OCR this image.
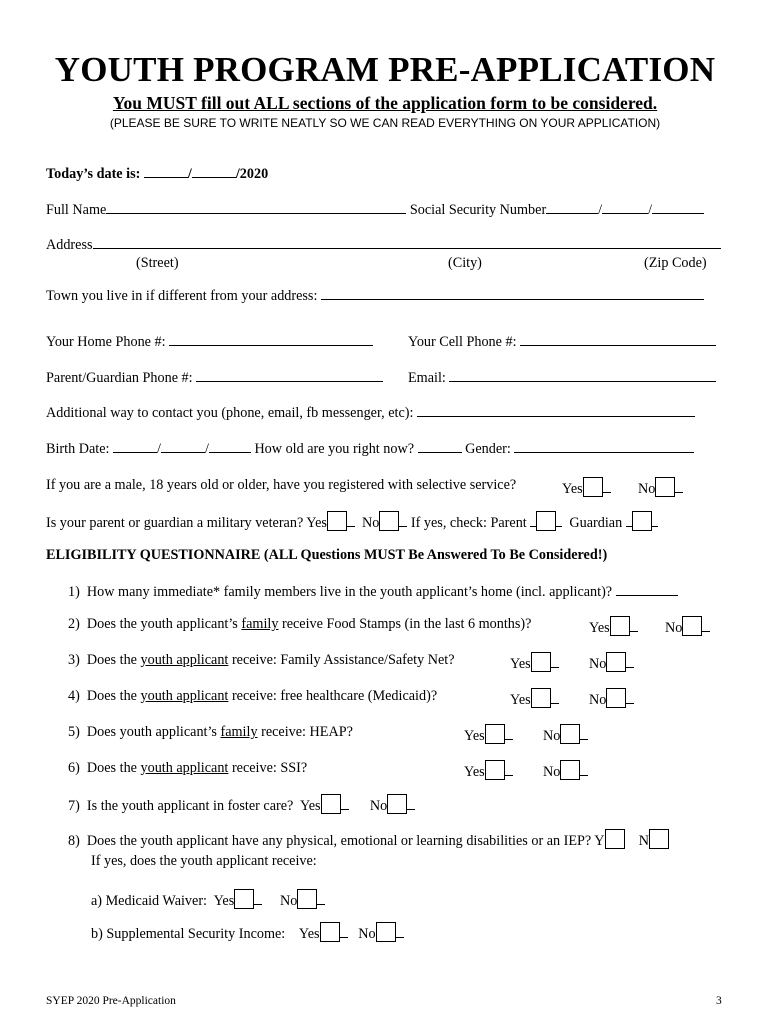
YOUTH PROGRAM PRE-APPLICATION
You MUST fill out ALL sections of the application form to be considered.
(PLEASE BE SURE TO WRITE NEATLY SO WE CAN READ EVERYTHING ON YOUR APPLICATION)
Today’s date is:	/	/2020
Full Name	Social Security Number	/	/
Address
(Street)	(City)	(Zip Code)
Town you live in if different from your address:
Your Home Phone #:	Your Cell Phone #:
Parent/Guardian Phone #:	Email:
Additional way to contact you (phone, email, fb messenger, etc):
Birth Date:	/	/	How old are you right now?	Gender:
If you are a male, 18 years old or older, have you registered with selective service?	Yes	No
Is your parent or guardian a military veteran? Yes No If yes, check: Parent	Guardian
ELIGIBILITY QUESTIONNAIRE (ALL Questions MUST Be Answered To Be Considered!)
1) How many immediate* family members live in the youth applicant’s home (incl. applicant)?
2) Does the youth applicant’s family receive Food Stamps (in the last 6 months)?	Yes	No
3) Does the youth applicant receive: Family Assistance/Safety Net?	Yes	No
4) Does the youth applicant receive: free healthcare (Medicaid)?	Yes	No
5) Does youth applicant’s family receive: HEAP?	Yes	No
6) Does the youth applicant receive: SSI?	Yes	No
7) Is the youth applicant in foster care? Yes	No
8) Does the youth applicant have any physical, emotional or learning disabilities or an IEP? Y N
If yes, does the youth applicant receive:
a) Medicaid Waiver: Yes	No
b) Supplemental Security Income: Yes	No
SYEP 2020 Pre-Application	3
